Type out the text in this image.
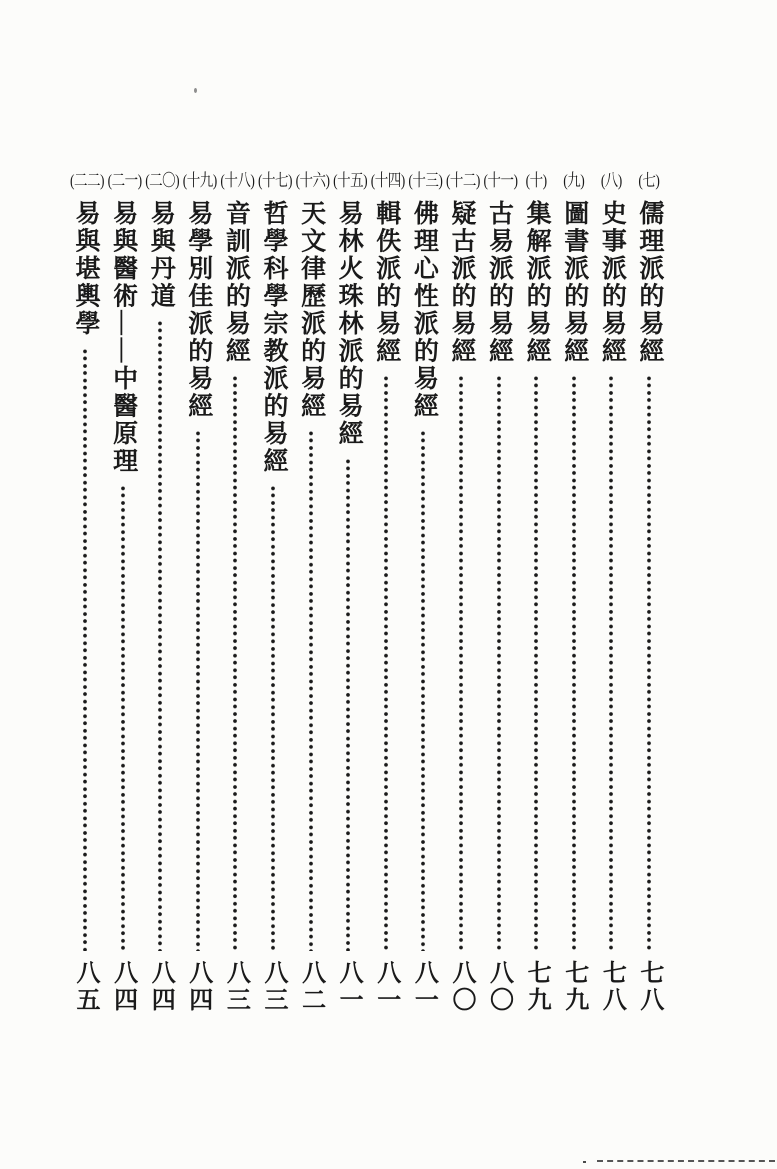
(七)
儒理派的易經
七八
(八)
史事派的易經
七八
(九)
圖書派的易經
七九
(十)
集解派的易經
七九
(十一)
古易派的易經
八〇
(十二)
疑古派的易經
八〇
(十三)
佛理心性派的易經
八一
(十四)
輯佚派的易經
八一
(十五)
易林火珠林派的易經
八一
(十六)
天文律歷派的易經
八二
(十七)
哲學科學宗教派的易經
八三
(十八)
音訓派的易經
八三
(十九)
易學別佳派的易經
八四
(二〇)
易與丹道
八四
(二一)
易與醫術——中醫原理
八四
(二二)
易與堪輿學
八五
